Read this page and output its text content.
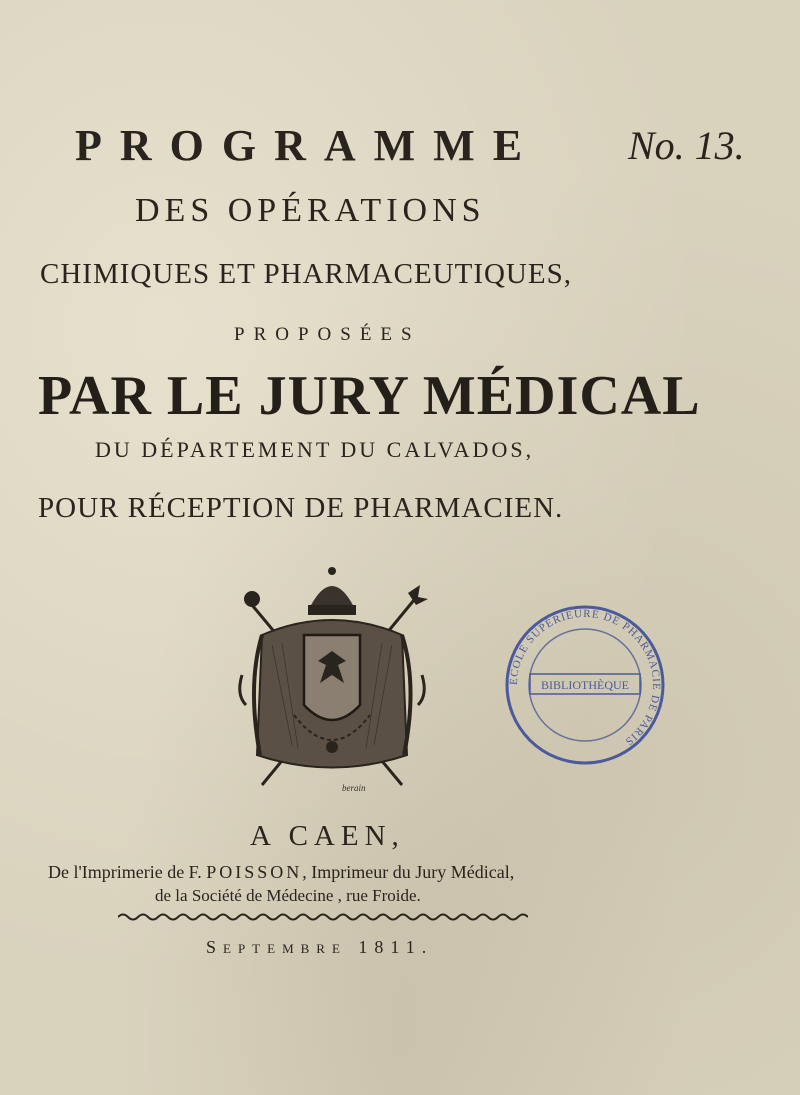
PROGRAMME No. 13.
DES OPÉRATIONS
CHIMIQUES ET PHARMACEUTIQUES,
PROPOSÉES
PAR LE JURY MÉDICAL
DU DÉPARTEMENT DU CALVADOS,
POUR RÉCEPTION DE PHARMACIEN.
berain
ÉCOLE SUPÉRIEURE DE PHARMACIE DE PARIS
BIBLIOTHÈQUE
A CAEN,
De l'Imprimerie de F. POISSON, Imprimeur du Jury Médical,
de la Société de Médecine , rue Froide.
Septembre 1811.
